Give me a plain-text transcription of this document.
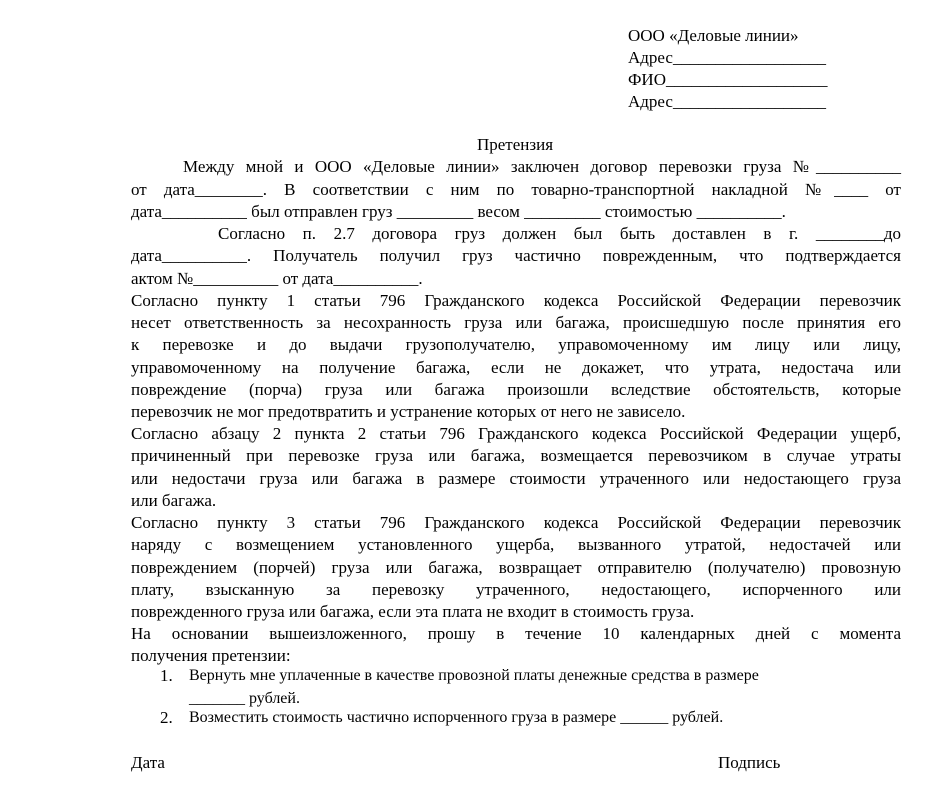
ООО «Деловые линии»
Адрес__________________
ФИО___________________
Адрес__________________
Претензия
Между мной и ООО «Деловые линии» заключен договор перевозки груза №__________
от дата________. В соответствии с ним по товарно-транспортной накладной №____ от
дата__________ был отправлен груз _________ весом _________ стоимостью __________.
Согласно п. 2.7 договора груз должен был быть доставлен в г. ________до
дата__________. Получатель получил груз частично поврежденным, что подтверждается
актом №__________ от дата__________.
Согласно пункту 1 статьи 796 Гражданского кодекса Российской Федерации перевозчик
несет ответственность за несохранность груза или багажа, происшедшую после принятия его
к перевозке и до выдачи грузополучателю, управомоченному им лицу или лицу,
управомоченному на получение багажа, если не докажет, что утрата, недостача или
повреждение (порча) груза или багажа произошли вследствие обстоятельств, которые
перевозчик не мог предотвратить и устранение которых от него не зависело.
Согласно абзацу 2 пункта 2 статьи 796 Гражданского кодекса Российской Федерации ущерб,
причиненный при перевозке груза или багажа, возмещается перевозчиком в случае утраты
или недостачи груза или багажа в размере стоимости утраченного или недостающего груза
или багажа.
Согласно пункту 3 статьи 796 Гражданского кодекса Российской Федерации перевозчик
наряду с возмещением установленного ущерба, вызванного утратой, недостачей или
повреждением (порчей) груза или багажа, возвращает отправителю (получателю) провозную
плату, взысканную за перевозку утраченного, недостающего, испорченного или
поврежденного груза или багажа, если эта плата не входит в стоимость груза.
На основании вышеизложенного, прошу в течение 10 календарных дней с момента
получения претензии:
1. Вернуть мне уплаченные в качестве провозной платы денежные средства в размере
_______ рублей.
2. Возместить стоимость частично испорченного груза в размере ______ рублей.
Дата	Подпись
